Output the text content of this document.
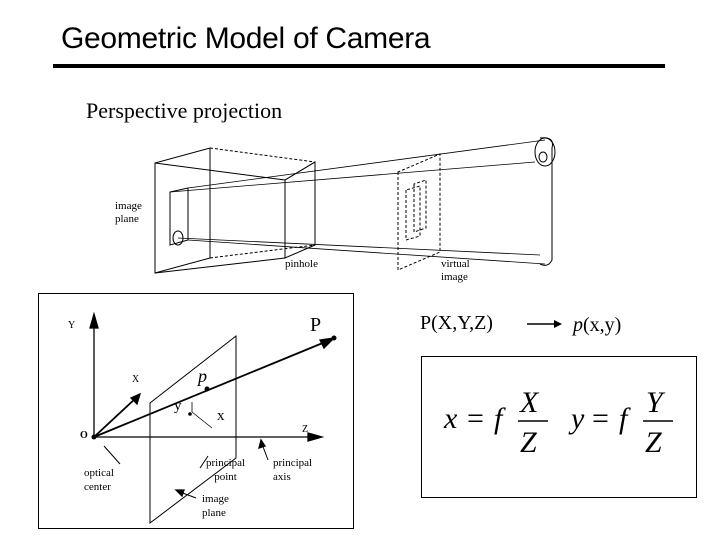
Geometric Model of Camera
Perspective projection
image
plane
pinhole	virtual
image
P
p
Y
X
Z
O
y
x
optical
center
principal
point
principal
axis
image
plane
P(X,Y,Z)	p(x,y)
x = f X
Z
y = f Y
Z
